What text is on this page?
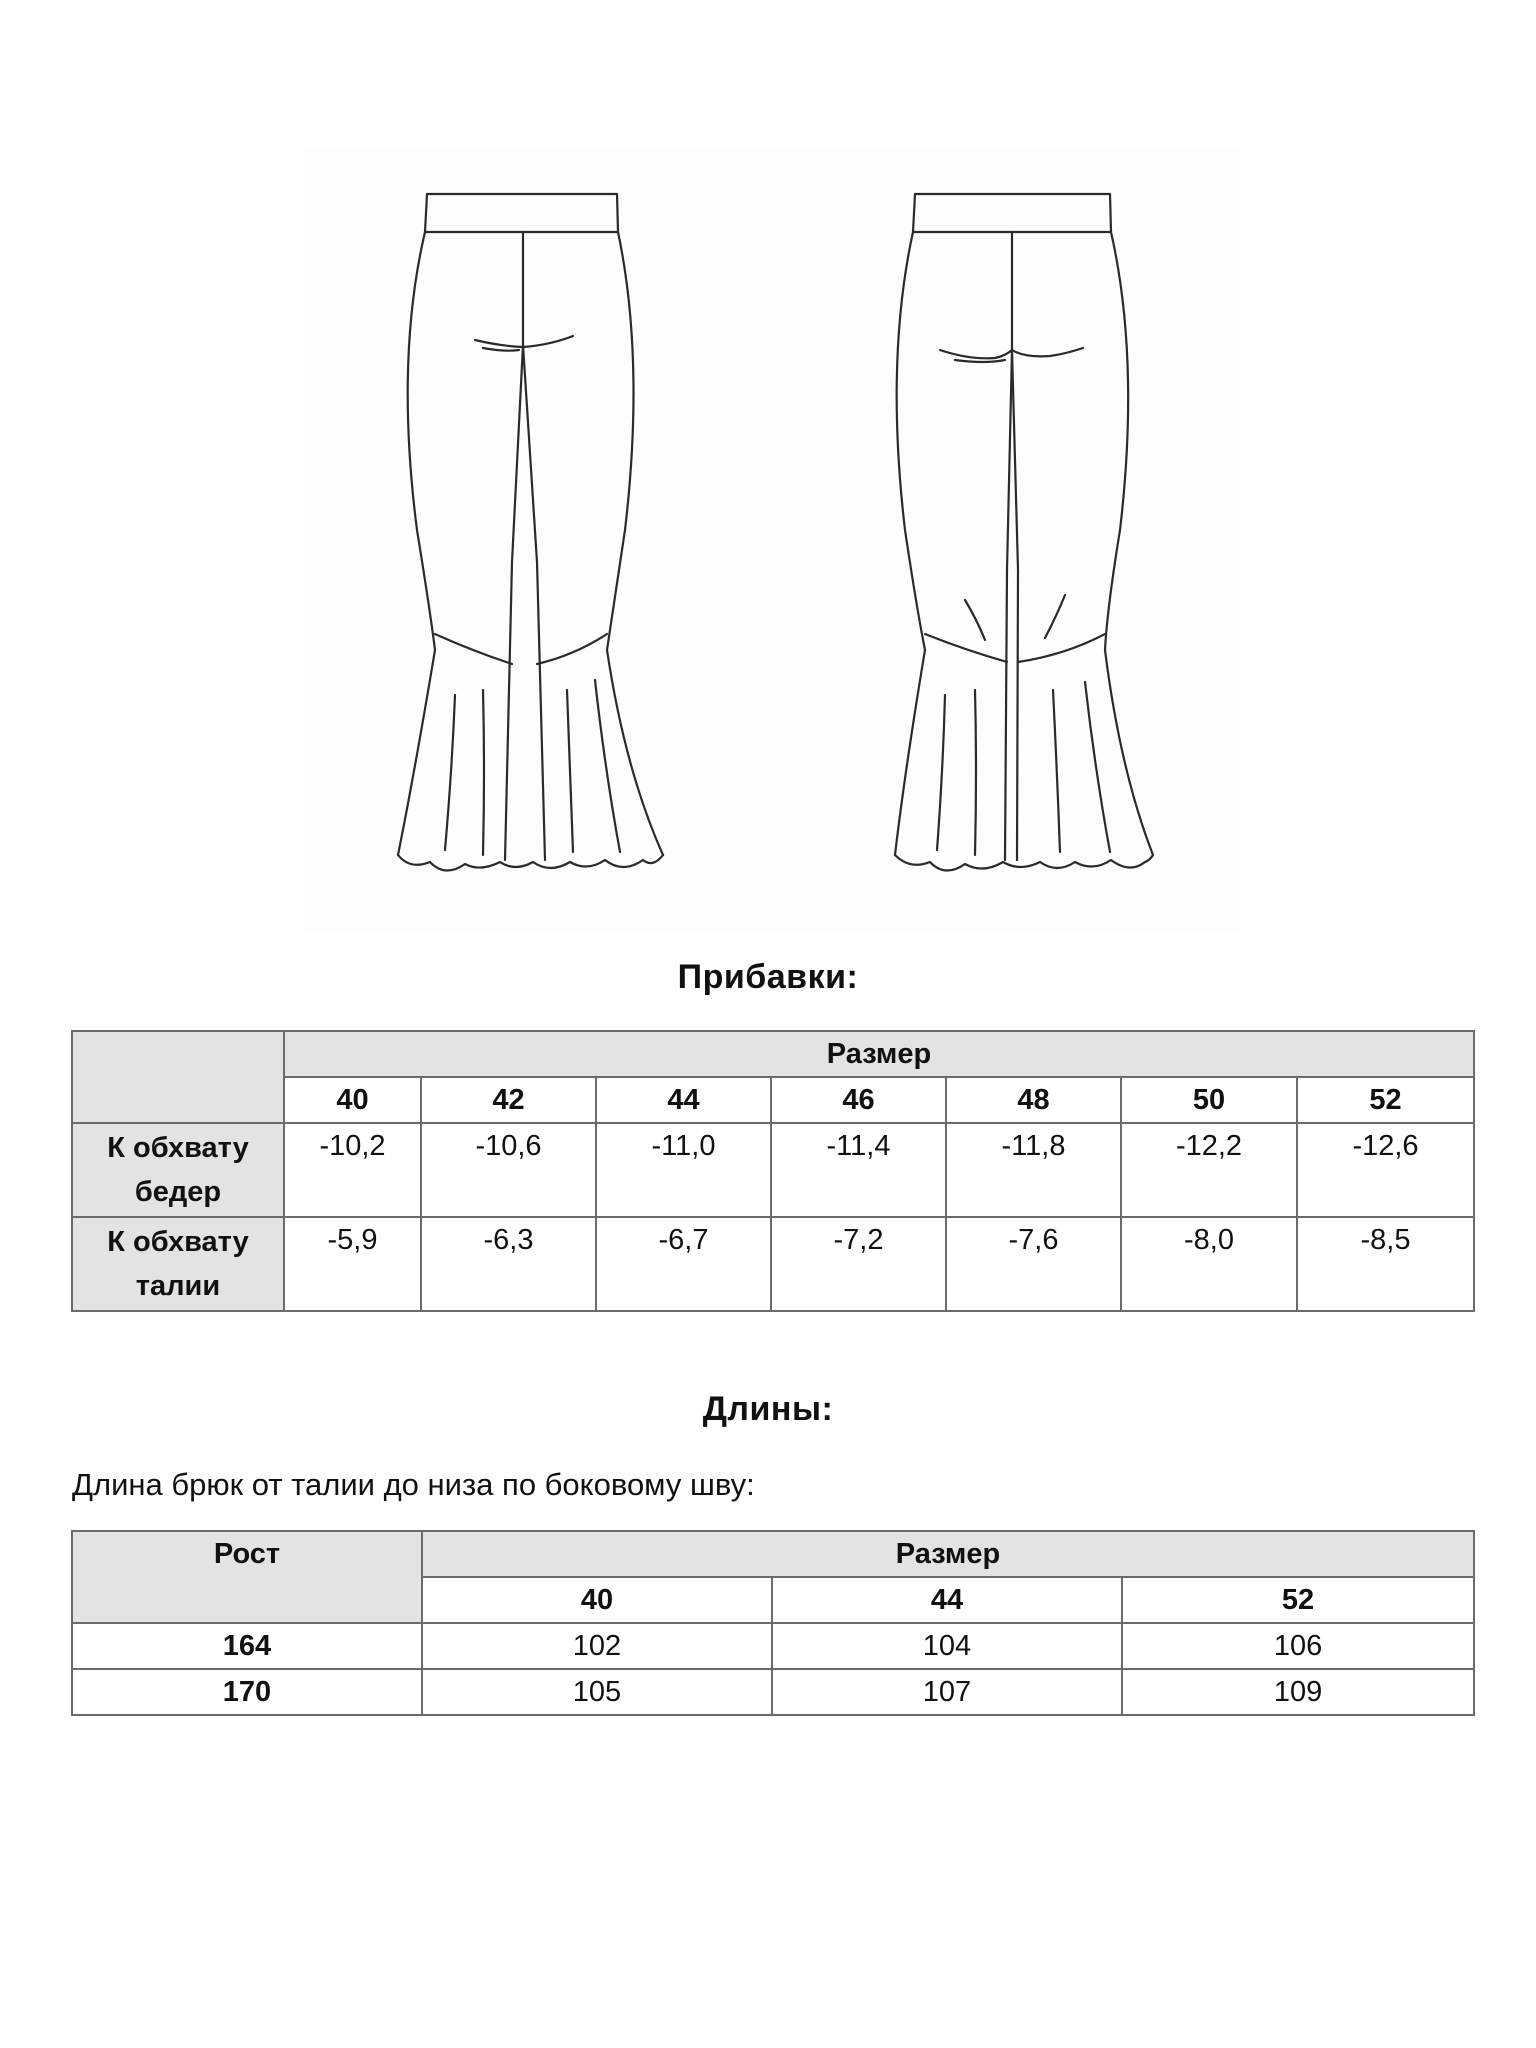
Прибавки:
	Размер						
	40	42	44	46	48	50	52
К обхвату бедер	-10,2	-10,6	-11,0	-11,4	-11,8	-12,2	-12,6
К обхвату талии	-5,9	-6,3	-6,7	-7,2	-7,6	-8,0	-8,5
Длины:
Длина брюк от талии до низа по боковому шву:
Рост	Размер		
	40	44	52
164	102	104	106
170	105	107	109
